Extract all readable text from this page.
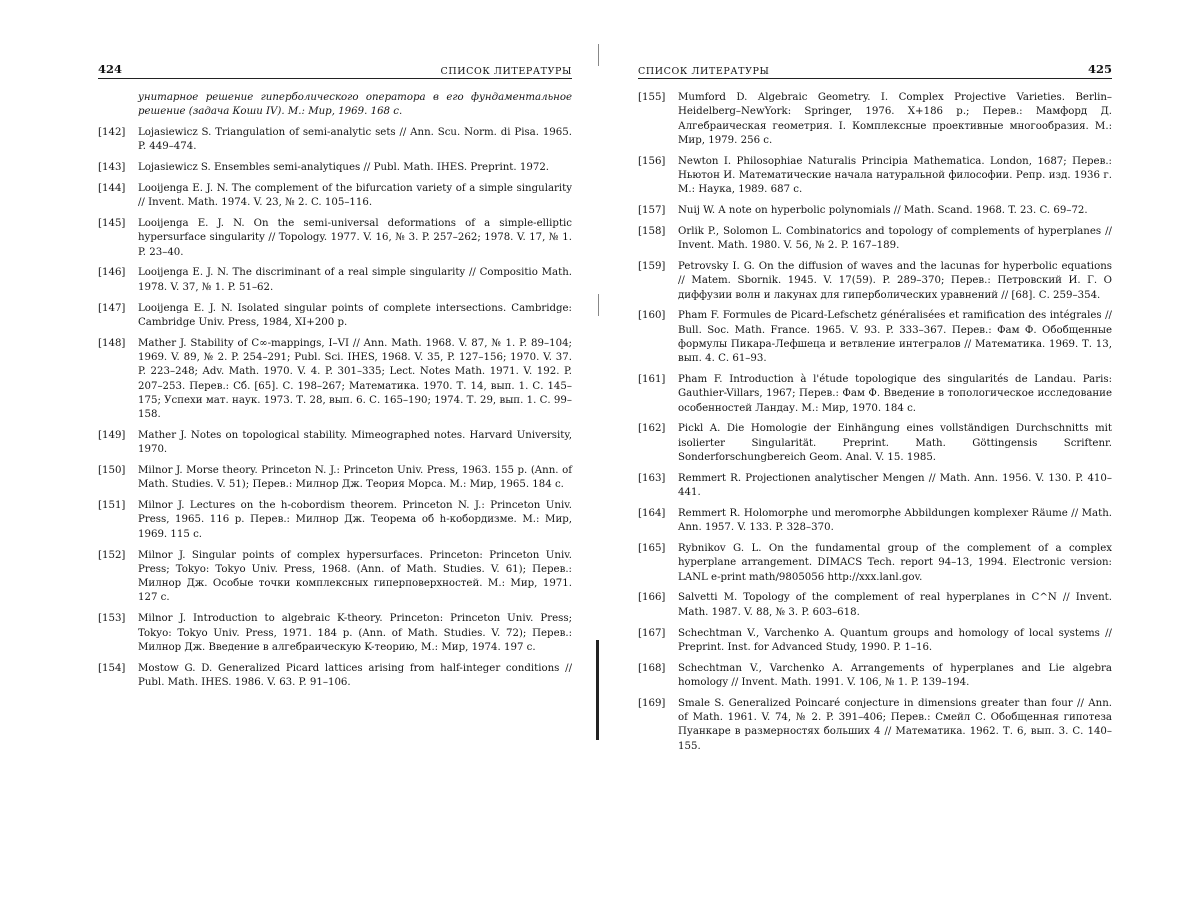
424	СПИСОК ЛИТЕРАТУРЫ
унитарное решение гиперболического оператора в его фундаментальное решение (задача Коши IV). М.: Мир, 1969. 168 с.
[142]	Lojasiewicz S. Triangulation of semi-analytic sets // Ann. Scu. Norm. di Pisa. 1965. P. 449–474.
[143]	Lojasiewicz S. Ensembles semi-analytiques // Publ. Math. IHES. Preprint. 1972.
[144]	Looijenga E. J. N. The complement of the bifurcation variety of a simple singularity // Invent. Math. 1974. V. 23, № 2. C. 105–116.
[145]	Looijenga E. J. N. On the semi-universal deformations of a simple-elliptic hypersurface singularity // Topology. 1977. V. 16, № 3. P. 257–262; 1978. V. 17, № 1. P. 23–40.
[146]	Looijenga E. J. N. The discriminant of a real simple singularity // Compositio Math. 1978. V. 37, № 1. P. 51–62.
[147]	Looijenga E. J. N. Isolated singular points of complete intersections. Cambridge: Cambridge Univ. Press, 1984, XI+200 p.
[148]	Mather J. Stability of C∞-mappings, I–VI // Ann. Math. 1968. V. 87, № 1. P. 89–104; 1969. V. 89, № 2. P. 254–291; Publ. Sci. IHES, 1968. V. 35, P. 127–156; 1970. V. 37. P. 223–248; Adv. Math. 1970. V. 4. P. 301–335; Lect. Notes Math. 1971. V. 192. P. 207–253. Перев.: Сб. [65]. С. 198–267; Математика. 1970. Т. 14, вып. 1. С. 145–175; Успехи мат. наук. 1973. Т. 28, вып. 6. С. 165–190; 1974. Т. 29, вып. 1. С. 99–158.
[149]	Mather J. Notes on topological stability. Mimeographed notes. Harvard University, 1970.
[150]	Milnor J. Morse theory. Princeton N. J.: Princeton Univ. Press, 1963. 155 p. (Ann. of Math. Studies. V. 51); Перев.: Милнор Дж. Теория Морса. М.: Мир, 1965. 184 с.
[151]	Milnor J. Lectures on the h-cobordism theorem. Princeton N. J.: Princeton Univ. Press, 1965. 116 p. Перев.: Милнор Дж. Теорема об h-кобордизме. М.: Мир, 1969. 115 с.
[152]	Milnor J. Singular points of complex hypersurfaces. Princeton: Princeton Univ. Press; Tokyo: Tokyo Univ. Press, 1968. (Ann. of Math. Studies. V. 61); Перев.: Милнор Дж. Особые точки комплексных гиперповерхностей. М.: Мир, 1971. 127 с.
[153]	Milnor J. Introduction to algebraic K-theory. Princeton: Princeton Univ. Press; Tokyo: Tokyo Univ. Press, 1971. 184 p. (Ann. of Math. Studies. V. 72); Перев.: Милнор Дж. Введение в алгебраическую K-теорию, М.: Мир, 1974. 197 с.
[154]	Mostow G. D. Generalized Picard lattices arising from half-integer conditions // Publ. Math. IHES. 1986. V. 63. P. 91–106.
СПИСОК ЛИТЕРАТУРЫ	425
[155]	Mumford D. Algebraic Geometry. I. Complex Projective Varieties. Berlin–Heidelberg–NewYork: Springer, 1976. X+186 p.; Перев.: Мамфорд Д. Алгебраическая геометрия. I. Комплексные проективные многообразия. М.: Мир, 1979. 256 с.
[156]	Newton I. Philosophiae Naturalis Principia Mathematica. London, 1687; Перев.: Ньютон И. Математические начала натуральной философии. Репр. изд. 1936 г. М.: Наука, 1989. 687 с.
[157]	Nuij W. A note on hyperbolic polynomials // Math. Scand. 1968. T. 23. C. 69–72.
[158]	Orlik P., Solomon L. Combinatorics and topology of complements of hyperplanes // Invent. Math. 1980. V. 56, № 2. P. 167–189.
[159]	Petrovsky I. G. On the diffusion of waves and the lacunas for hyperbolic equations // Matem. Sbornik. 1945. V. 17(59). P. 289–370; Перев.: Петровский И. Г. О диффузии волн и лакунах для гиперболических уравнений // [68]. С. 259–354.
[160]	Pham F. Formules de Picard-Lefschetz généralisées et ramification des intégrales // Bull. Soc. Math. France. 1965. V. 93. P. 333–367. Перев.: Фам Ф. Обобщенные формулы Пикара-Лефшеца и ветвление интегралов // Математика. 1969. Т. 13, вып. 4. С. 61–93.
[161]	Pham F. Introduction à l'étude topologique des singularités de Landau. Paris: Gauthier-Villars, 1967; Перев.: Фам Ф. Введение в топологическое исследование особенностей Ландау. М.: Мир, 1970. 184 с.
[162]	Pickl A. Die Homologie der Einhängung eines vollständigen Durchschnitts mit isolierter Singularität. Preprint. Math. Göttingensis Scriftenr. Sonderforschungbereich Geom. Anal. V. 15. 1985.
[163]	Remmert R. Projectionen analytischer Mengen // Math. Ann. 1956. V. 130. P. 410–441.
[164]	Remmert R. Holomorphe und meromorphe Abbildungen komplexer Räume // Math. Ann. 1957. V. 133. P. 328–370.
[165]	Rybnikov G. L. On the fundamental group of the complement of a complex hyperplane arrangement. DIMACS Tech. report 94–13, 1994. Electronic version: LANL e-print math/9805056 http://xxx.lanl.gov.
[166]	Salvetti M. Topology of the complement of real hyperplanes in C^N // Invent. Math. 1987. V. 88, № 3. P. 603–618.
[167]	Schechtman V., Varchenko A. Quantum groups and homology of local systems // Preprint. Inst. for Advanced Study, 1990. P. 1–16.
[168]	Schechtman V., Varchenko A. Arrangements of hyperplanes and Lie algebra homology // Invent. Math. 1991. V. 106, № 1. P. 139–194.
[169]	Smale S. Generalized Poincaré conjecture in dimensions greater than four // Ann. of Math. 1961. V. 74, № 2. P. 391–406; Перев.: Смейл С. Обобщенная гипотеза Пуанкаре в размерностях больших 4 // Математика. 1962. Т. 6, вып. 3. С. 140–155.
